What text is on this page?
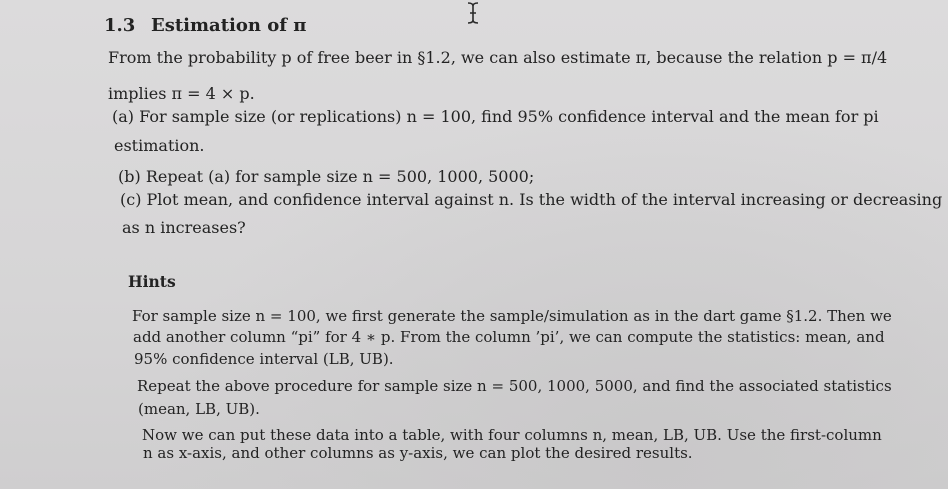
1.3 Estimation of π
From the probability p of free beer in §1.2, we can also estimate π, because the relation p = π/4
implies π = 4 × p.
(a) For sample size (or replications) n = 100, find 95% confidence interval and the mean for pi
estimation.
(b) Repeat (a) for sample size n = 500, 1000, 5000;
(c) Plot mean, and confidence interval against n. Is the width of the interval increasing or decreasing
as n increases?
Hints
For sample size n = 100, we first generate the sample/simulation as in the dart game §1.2. Then we
add another column “pi” for 4 ∗ p. From the column ’pi’, we can compute the statistics: mean, and
95% confidence interval (LB, UB).
Repeat the above procedure for sample size n = 500, 1000, 5000, and find the associated statistics
(mean, LB, UB).
Now we can put these data into a table, with four columns n, mean, LB, UB. Use the first-column
n as x-axis, and other columns as y-axis, we can plot the desired results.
